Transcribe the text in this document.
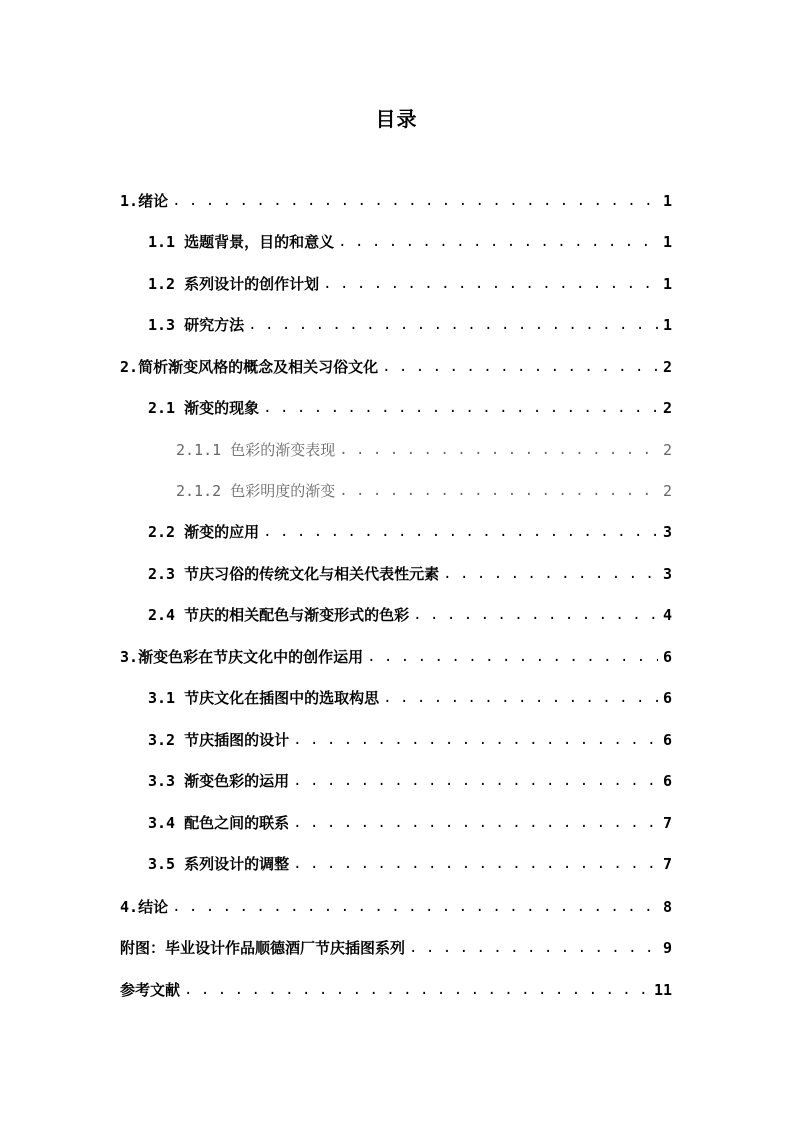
目录
1. 绪论 . . .	1
1.1 选题背景，目的和意义 . . .	1
1.2 系列设计的创作计划 . . .	1
1.3 研究方法 . . .	1
2. 简析渐变风格的概念及相关习俗文化 . . .	2
2.1 渐变的现象 . . .	2
2.1.1 色彩的渐变表现 . . .	2
2.1.2 色彩明度的渐变 . . .	2
2.2 渐变的应用 . . .	3
2.3 节庆习俗的传统文化与相关代表性元素 . . .	3
2.4 节庆的相关配色与渐变形式的色彩 . . .	4
3. 渐变色彩在节庆文化中的创作运用 . . .	6
3.1 节庆文化在插图中的选取构思 . . .	6
3.2 节庆插图的设计 . . .	6
3.3 渐变色彩的运用 . . .	6
3.4 配色之间的联系 . . .	7
3.5 系列设计的调整 . . .	7
4. 结论 . . .	8
附图：毕业设计作品顺德酒厂节庆插图系列 . . .	9
参考文献 . . .	11
